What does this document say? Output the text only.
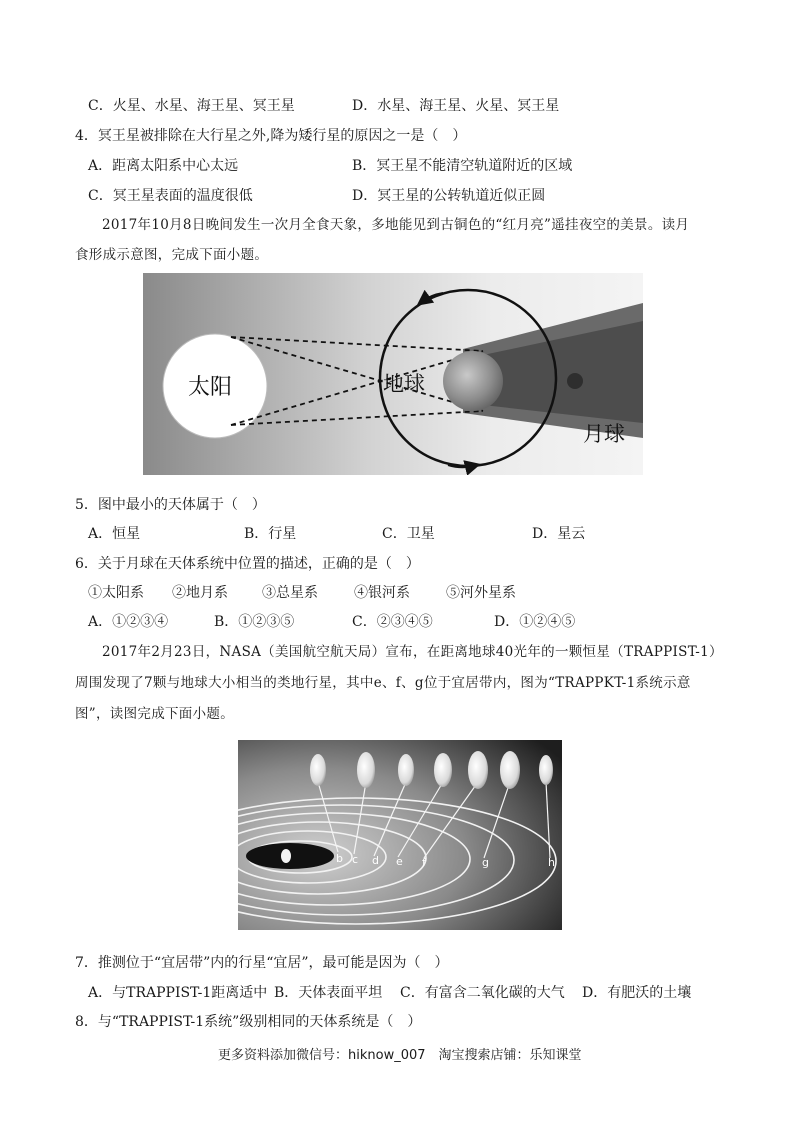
C．火星、水星、海王星、冥王星	D．水星、海王星、火星、冥王星
4．冥王星被排除在大行星之外,降为矮行星的原因之一是（　）
A．距离太阳系中心太远	B．冥王星不能清空轨道附近的区域
C．冥王星表面的温度很低	D．冥王星的公转轨道近似正圆
2017年10月8日晚间发生一次月全食天象，多地能见到古铜色的“红月亮”遥挂夜空的美景。读月
食形成示意图，完成下面小题。
太阳	地球
月球
5．图中最小的天体属于（　）
A．恒星	B．行星	C．卫星	D．星云
6．关于月球在天体系统中位置的描述，正确的是（　）
①太阳系 ②地月系 ③总星系	④银河系	⑤河外星系
A．①②③④	B．①②③⑤	C．②③④⑤	D．①②④⑤
2017年2月23日，NASA（美国航空航天局）宣布，在距离地球40光年的一颗恒星（TRAPPIST-1）
周围发现了7颗与地球大小相当的类地行星，其中e、f、g位于宜居带内，图为“TRAPPKT-1系统示意
图”，读图完成下面小题。
b c d e f	g	h
7．推测位于“宜居带”内的行星“宜居”，最可能是因为（　）
A．与TRAPPIST-1距离适中 B．天体表面平坦 C．有富含二氧化碳的大气 D．有肥沃的土壤
8．与“TRAPPIST-1系统”级别相同的天体系统是（　）
更多资料添加微信号：hiknow_007　淘宝搜索店铺：乐知课堂
